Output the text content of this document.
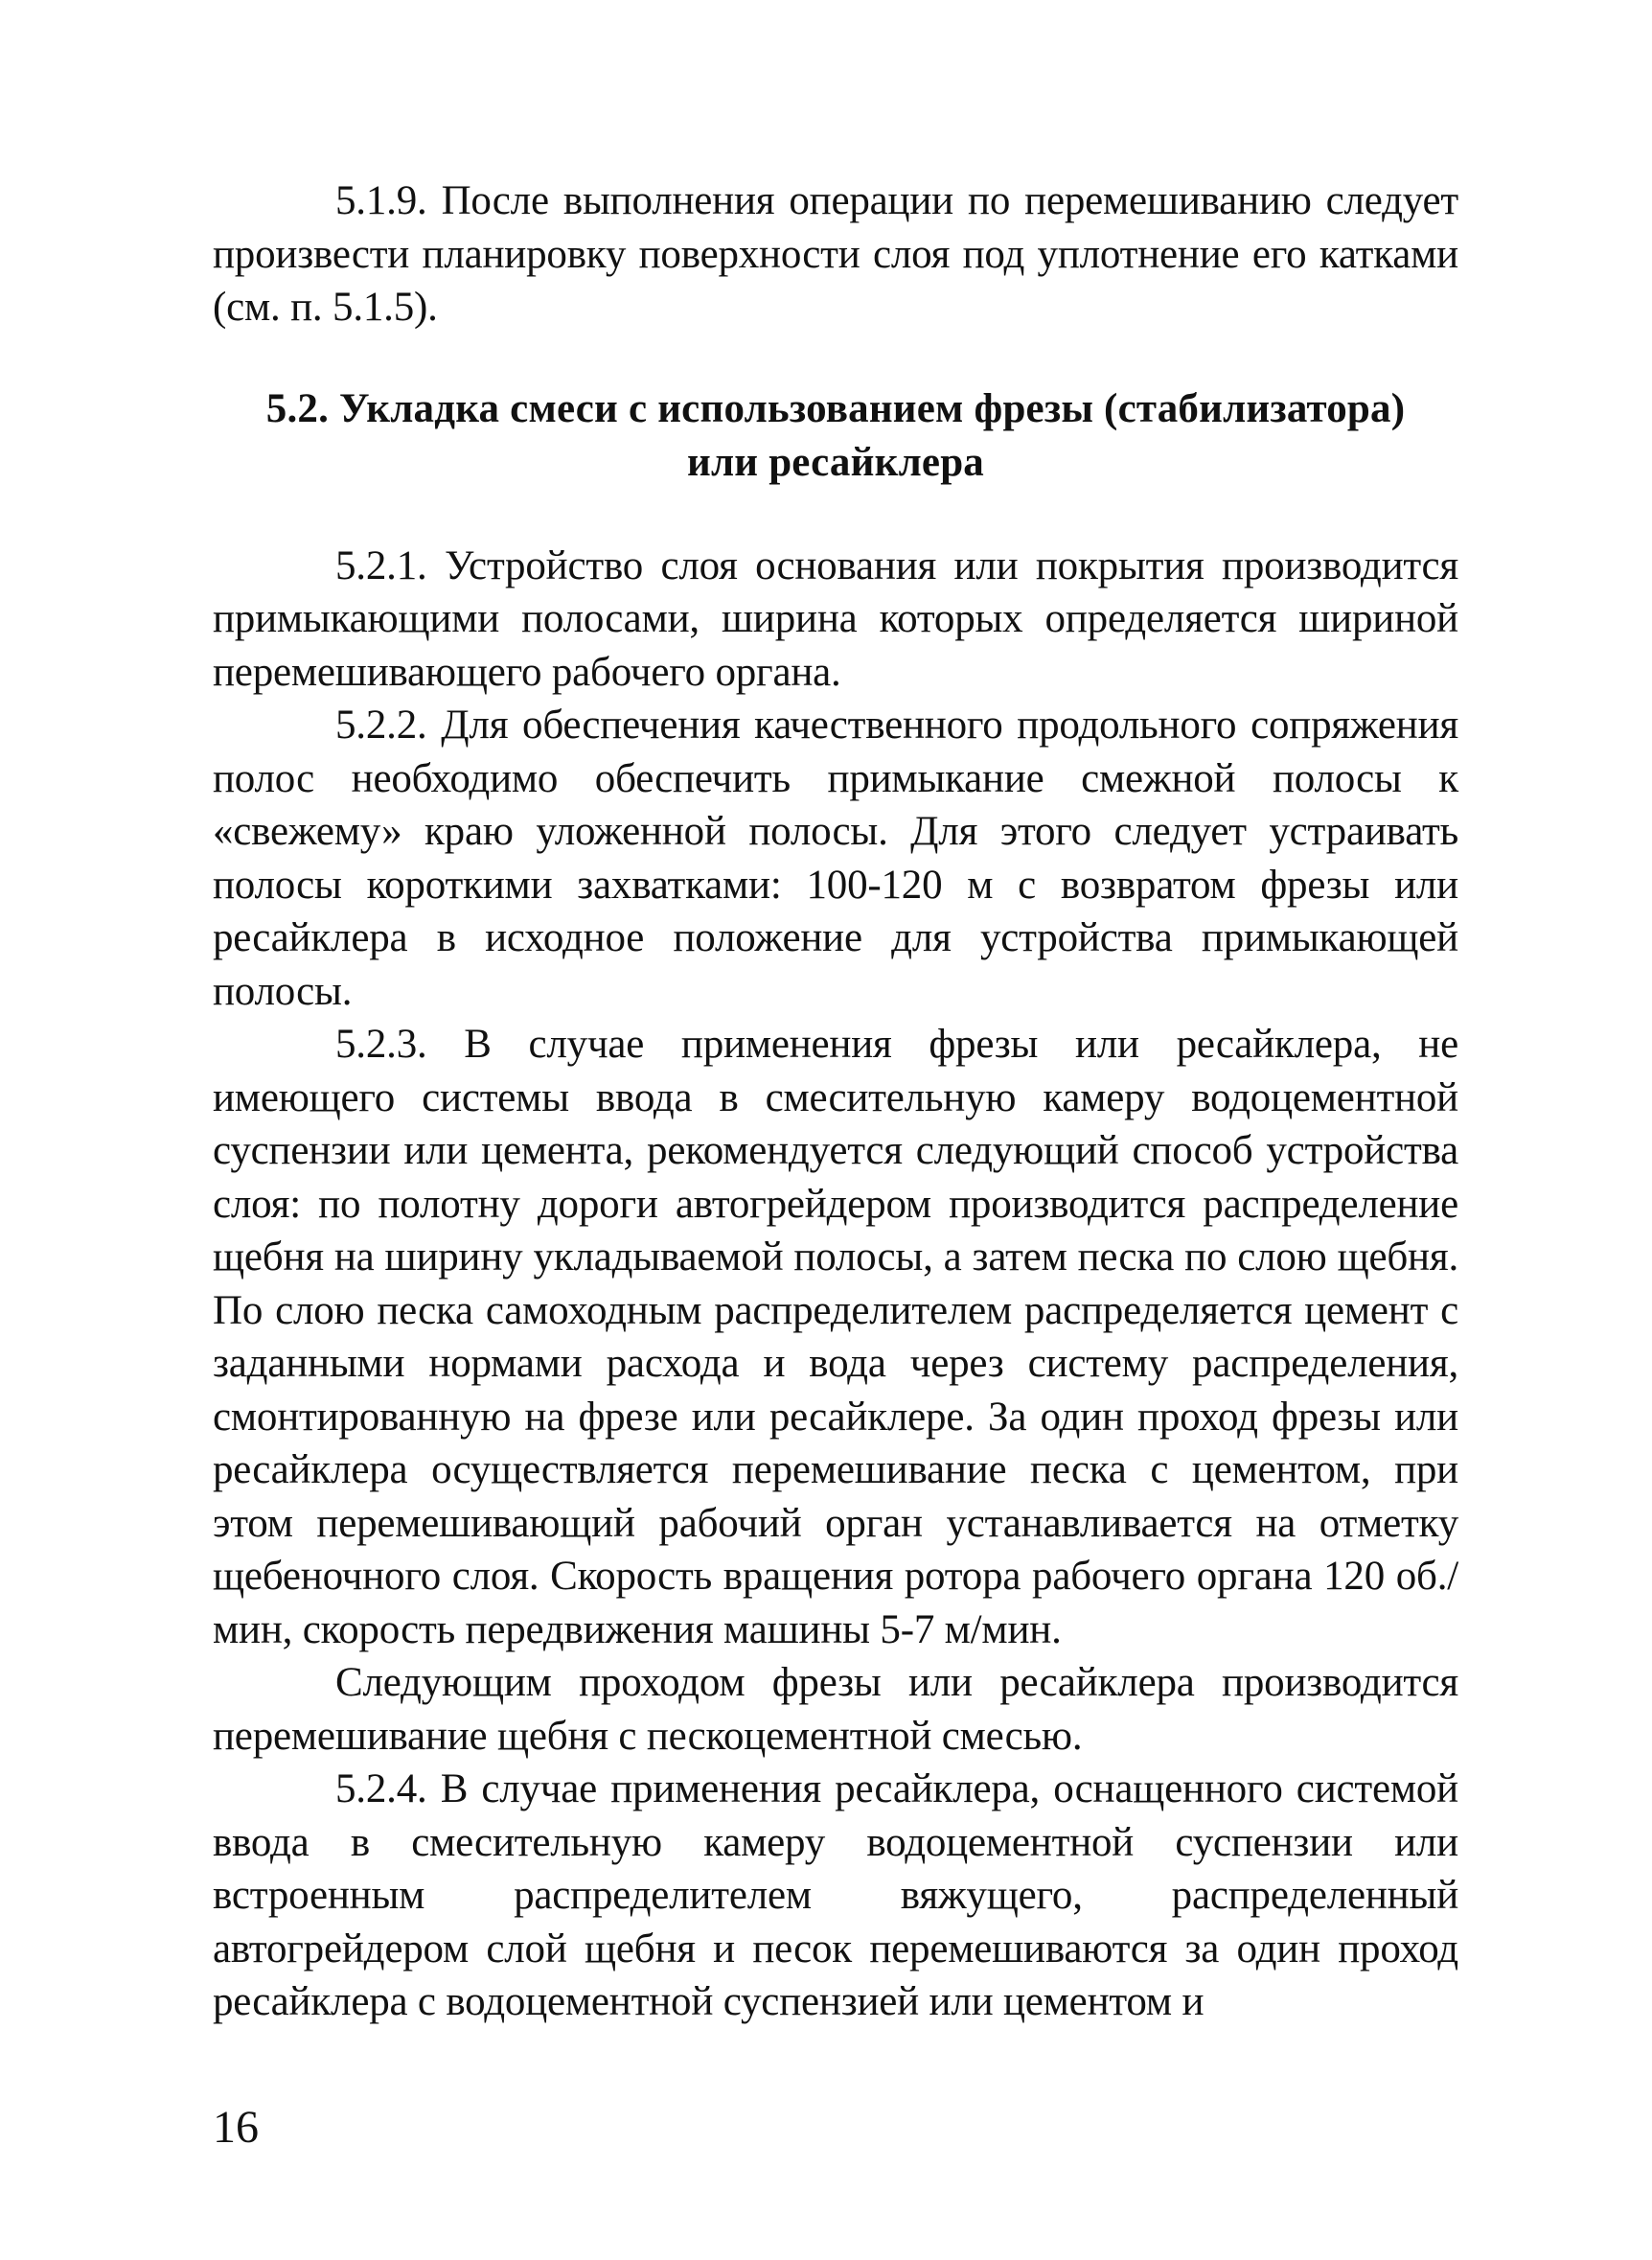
5.1.9. После выполнения операции по перемешиванию следует произвести планировку поверхности слоя под уплотнение его катками (см. п. 5.1.5).

5.2. Укладка смеси с использованием фрезы (стабилизатора)
или ресайклера

5.2.1. Устройство слоя основания или покрытия производится примыкающими полосами, ширина которых определяется шириной перемешивающего рабочего органа.

5.2.2. Для обеспечения качественного продольного сопряжения полос необходимо обеспечить примыкание смежной полосы к «свежему» краю уложенной полосы. Для этого следует устраивать полосы короткими захватками: 100-120 м с возвратом фрезы или ресайклера в исходное положение для устройства примыкающей полосы.

5.2.3. В случае применения фрезы или ресайклера, не имеющего системы ввода в смесительную камеру водоцементной суспензии или цемента, рекомендуется следующий способ устройства слоя: по полотну дороги автогрейдером производится распределение щебня на ширину укладываемой полосы, а затем песка по слою щебня. По слою песка самоходным распределителем распределяется цемент с заданными нормами расхода и вода через систему распределения, смонтированную на фрезе или ресайклере. За один проход фрезы или ресайклера осуществляется перемешивание песка с цементом, при этом перемешивающий рабочий орган устанавливается на отметку щебеночного слоя. Скорость вращения ротора рабочего органа 120 об./мин, скорость передвижения машины 5-7 м/мин.

Следующим проходом фрезы или ресайклера производится перемешивание щебня с пескоцементной смесью.

5.2.4. В случае применения ресайклера, оснащенного системой ввода в смесительную камеру водоцементной суспензии или встроенным распределителем вяжущего, распределенный автогрейдером слой щебня и песок перемешиваются за один проход ресайклера с водоцементной суспензией или цементом и

16
